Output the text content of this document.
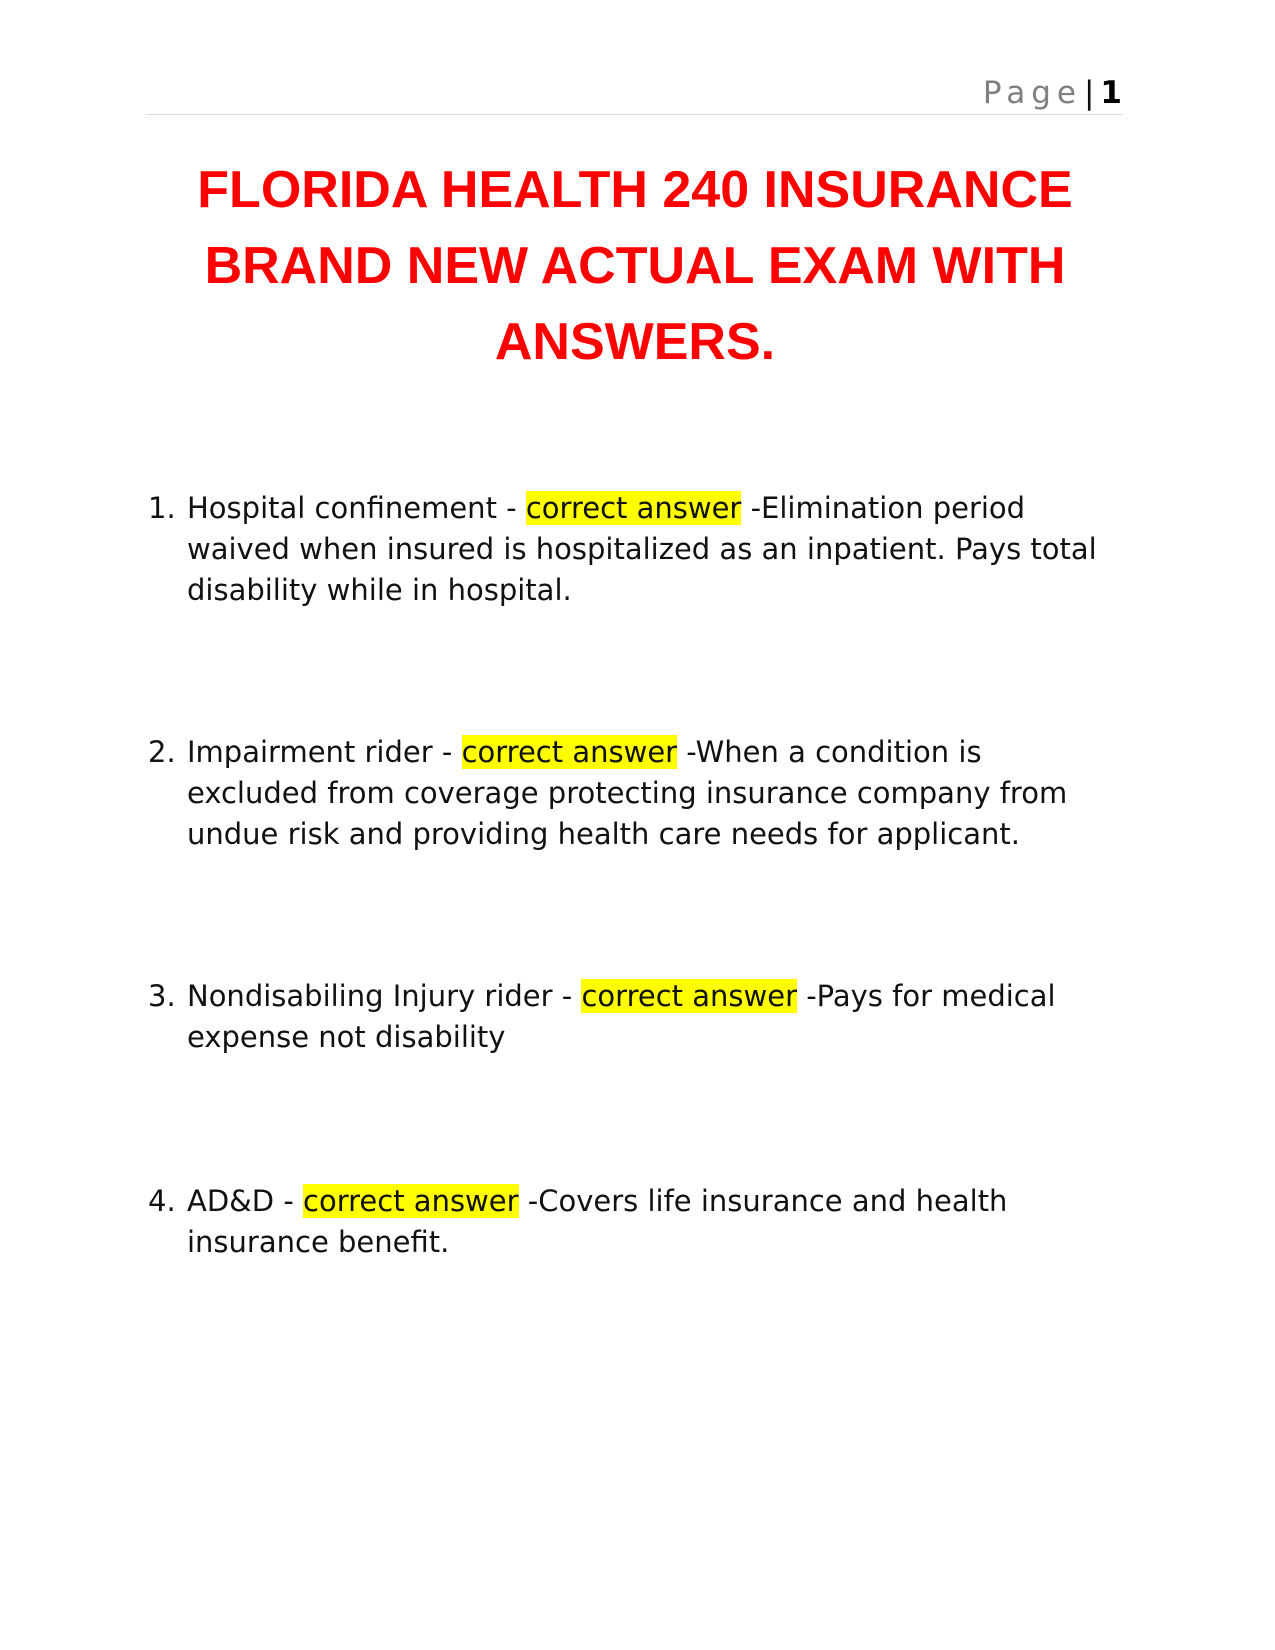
Page| 1
FLORIDA HEALTH 240 INSURANCE
BRAND NEW ACTUAL EXAM WITH
ANSWERS.
1. Hospital confinement - correct answer -Elimination period waived when insured is hospitalized as an inpatient. Pays total disability while in hospital.
2. Impairment rider - correct answer -When a condition is excluded from coverage protecting insurance company from undue risk and providing health care needs for applicant.
3. Nondisabiling Injury rider - correct answer -Pays for medical expense not disability
4. AD&D - correct answer -Covers life insurance and health insurance benefit.
